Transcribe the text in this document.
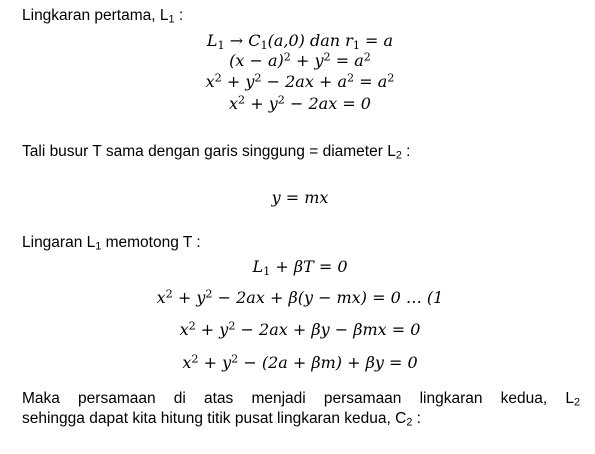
Lingkaran pertama, $L_1$ :
$L_1 \to C_1(a,0)$ dan $r_1 = a$
$(x - a)^2 + y^2 = a^2$
$x^2 + y^2 - 2ax + a^2 = a^2$
$x^2 + y^2 - 2ax = 0$
Tali busur T sama dengan garis singgung = diameter $L_2$ :
y = mx
Lingaran $L_1$ memotong T :
$L_1 + \beta T = 0$
$x^2 + y^2 - 2ax + \beta(y - mx) = 0$ … (1
$x^2 + y^2 - 2ax + \beta y - \beta mx = 0$
$x^2 + y^2 - (2a + \beta m) + \beta y = 0$
Maka persamaan di atas menjadi persamaan lingkaran kedua, $L_2$
sehingga dapat kita hitung titik pusat lingkaran kedua, $C_2$ :
